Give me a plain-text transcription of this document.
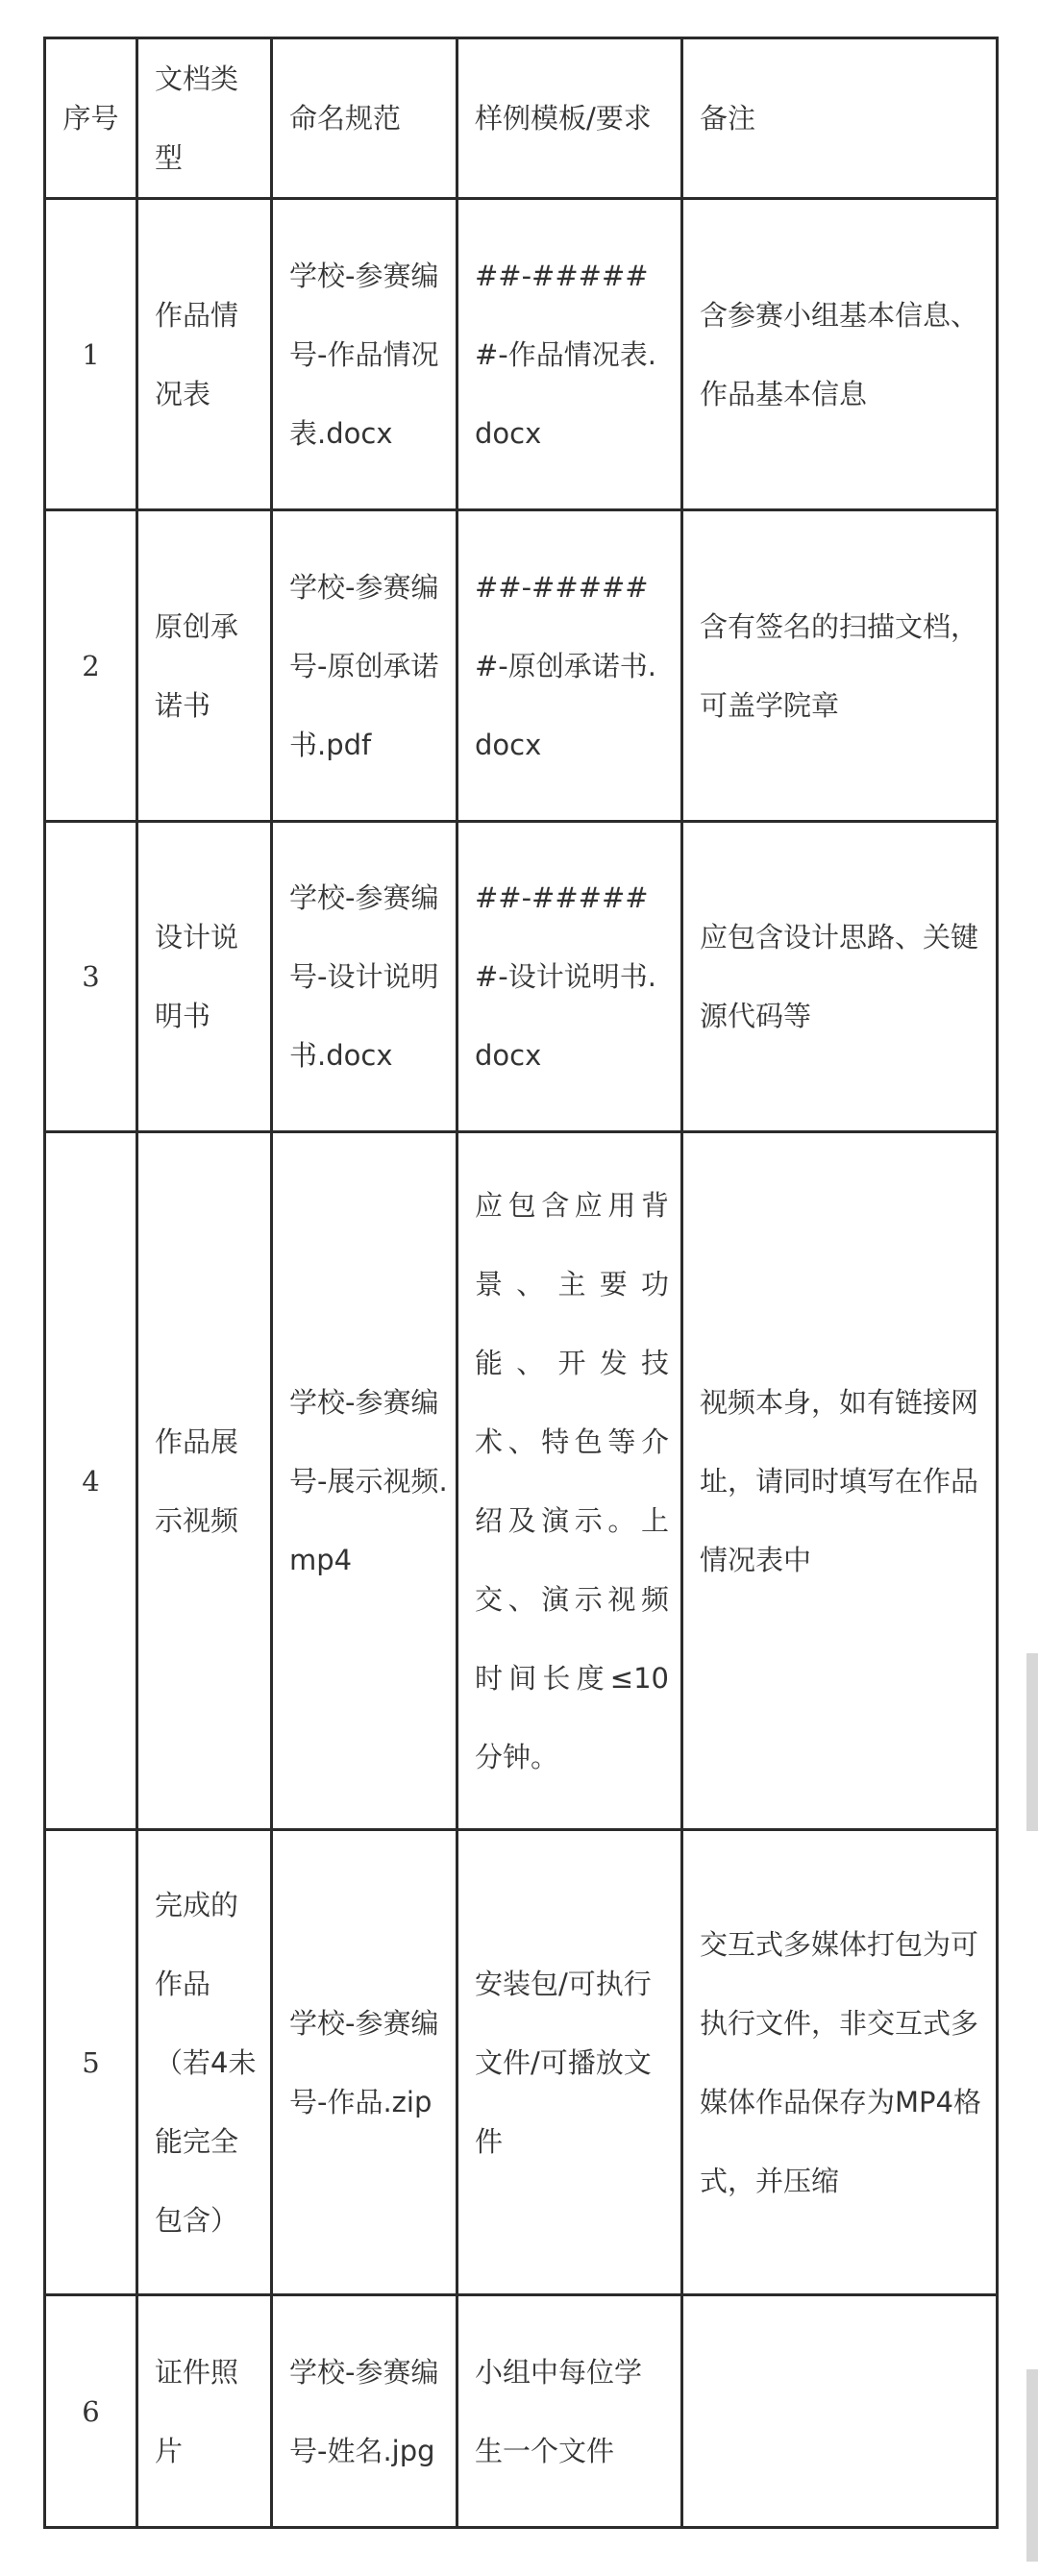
序号	文档类型	命名规范	样例模板/要求	备注
1	作品情况表	学校-参赛编号-作品情况表.docx	##-######-作品情况表.docx	含参赛小组基本信息、作品基本信息
2	原创承诺书	学校-参赛编号-原创承诺书.pdf	##-######-原创承诺书.docx	含有签名的扫描文档，可盖学院章
3	设计说明书	学校-参赛编号-设计说明书.docx	##-######-设计说明书.docx	应包含设计思路、关键源代码等
4	作品展示视频	学校-参赛编号-展示视频.mp4	应包含应用背景、主要功能、开发技术、特色等介绍及演示。上交、演示视频时间长度≤10分钟。	视频本身，如有链接网址，请同时填写在作品情况表中
5	完成的作品（若4未能完全包含）	学校-参赛编号-作品.zip	安装包/可执行文件/可播放文件	交互式多媒体打包为可执行文件，非交互式多媒体作品保存为MP4格式，并压缩
6	证件照片	学校-参赛编号-姓名.jpg	小组中每位学生一个文件	
